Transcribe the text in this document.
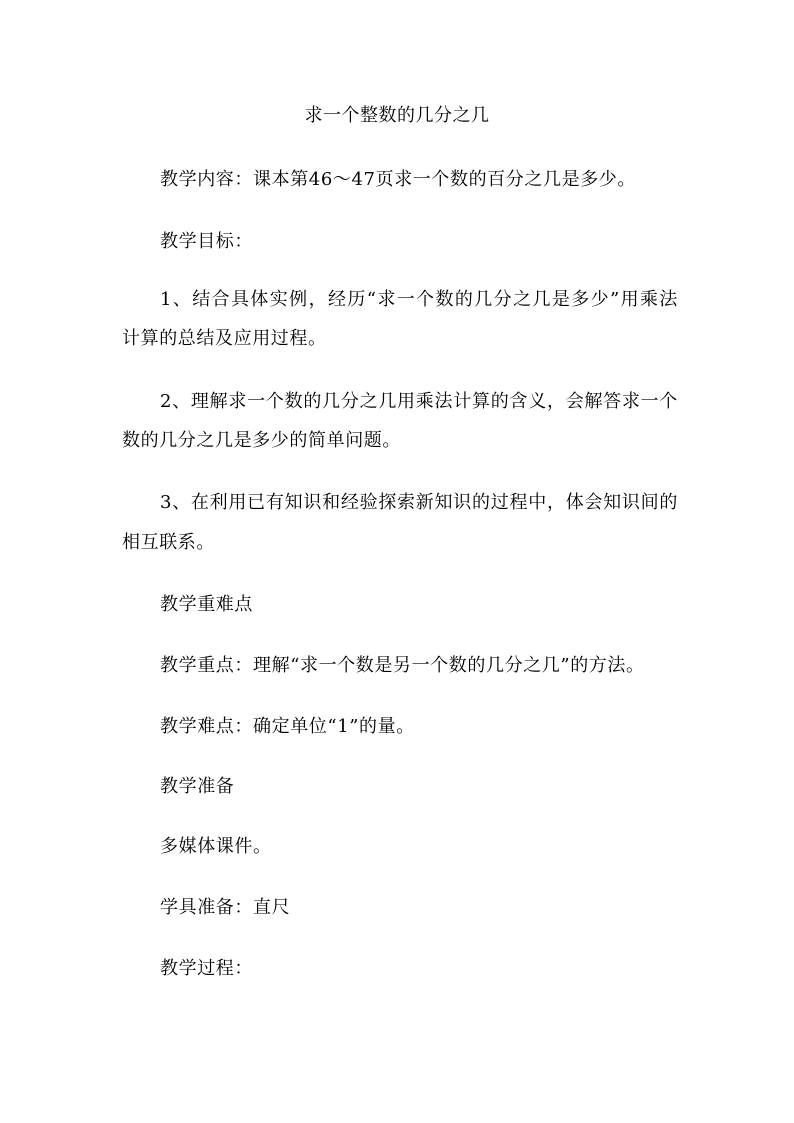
求一个整数的几分之几
教学内容：课本第46～47页求一个数的百分之几是多少。
教学目标：
1、结合具体实例，经历“求一个数的几分之几是多少”用乘法
计算的总结及应用过程。
2、理解求一个数的几分之几用乘法计算的含义，会解答求一个
数的几分之几是多少的简单问题。
3、在利用已有知识和经验探索新知识的过程中，体会知识间的
相互联系。
教学重难点
教学重点：理解“求一个数是另一个数的几分之几”的方法。
教学难点：确定单位“1”的量。
教学准备
多媒体课件。
学具准备：直尺
教学过程：
